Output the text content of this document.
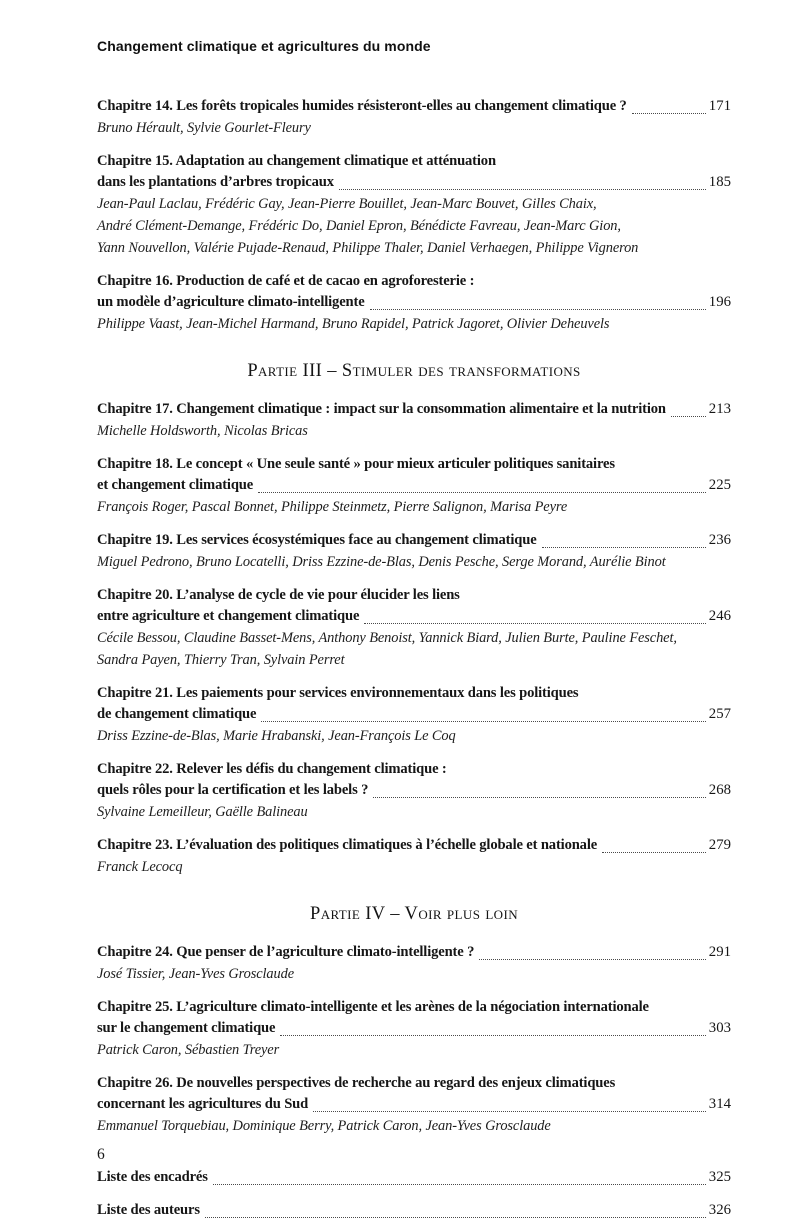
Changement climatique et agricultures du monde
Chapitre 14. Les forêts tropicales humides résisteront-elles au changement climatique ?	171
Bruno Hérault, Sylvie Gourlet-Fleury
Chapitre 15. Adaptation au changement climatique et atténuation
dans les plantations d’arbres tropicaux	185
Jean-Paul Laclau, Frédéric Gay, Jean-Pierre Bouillet, Jean-Marc Bouvet, Gilles Chaix,
André Clément-Demange, Frédéric Do, Daniel Epron, Bénédicte Favreau, Jean-Marc Gion,
Yann Nouvellon, Valérie Pujade-Renaud, Philippe Thaler, Daniel Verhaegen, Philippe Vigneron
Chapitre 16. Production de café et de cacao en agroforesterie :
un modèle d’agriculture climato-intelligente	196
Philippe Vaast, Jean-Michel Harmand, Bruno Rapidel, Patrick Jagoret, Olivier Deheuvels
Partie III – Stimuler des transformations
Chapitre 17. Changement climatique : impact sur la consommation alimentaire et la nutrition	213
Michelle Holdsworth, Nicolas Bricas
Chapitre 18. Le concept « Une seule santé » pour mieux articuler politiques sanitaires
et changement climatique	225
François Roger, Pascal Bonnet, Philippe Steinmetz, Pierre Salignon, Marisa Peyre
Chapitre 19. Les services écosystémiques face au changement climatique	236
Miguel Pedrono, Bruno Locatelli, Driss Ezzine-de-Blas, Denis Pesche, Serge Morand, Aurélie Binot
Chapitre 20. L’analyse de cycle de vie pour élucider les liens
entre agriculture et changement climatique	246
Cécile Bessou, Claudine Basset-Mens, Anthony Benoist, Yannick Biard, Julien Burte, Pauline Feschet,
Sandra Payen, Thierry Tran, Sylvain Perret
Chapitre 21. Les paiements pour services environnementaux dans les politiques
de changement climatique	257
Driss Ezzine-de-Blas, Marie Hrabanski, Jean-François Le Coq
Chapitre 22. Relever les défis du changement climatique :
quels rôles pour la certification et les labels ?	268
Sylvaine Lemeilleur, Gaëlle Balineau
Chapitre 23. L’évaluation des politiques climatiques à l’échelle globale et nationale	279
Franck Lecocq
Partie IV – Voir plus loin
Chapitre 24. Que penser de l’agriculture climato-intelligente ?	291
José Tissier, Jean-Yves Grosclaude
Chapitre 25. L’agriculture climato-intelligente et les arènes de la négociation internationale
sur le changement climatique	303
Patrick Caron, Sébastien Treyer
Chapitre 26. De nouvelles perspectives de recherche au regard des enjeux climatiques
concernant les agricultures du Sud	314
Emmanuel Torquebiau, Dominique Berry, Patrick Caron, Jean-Yves Grosclaude
Liste des encadrés	325
Liste des auteurs	326
6
